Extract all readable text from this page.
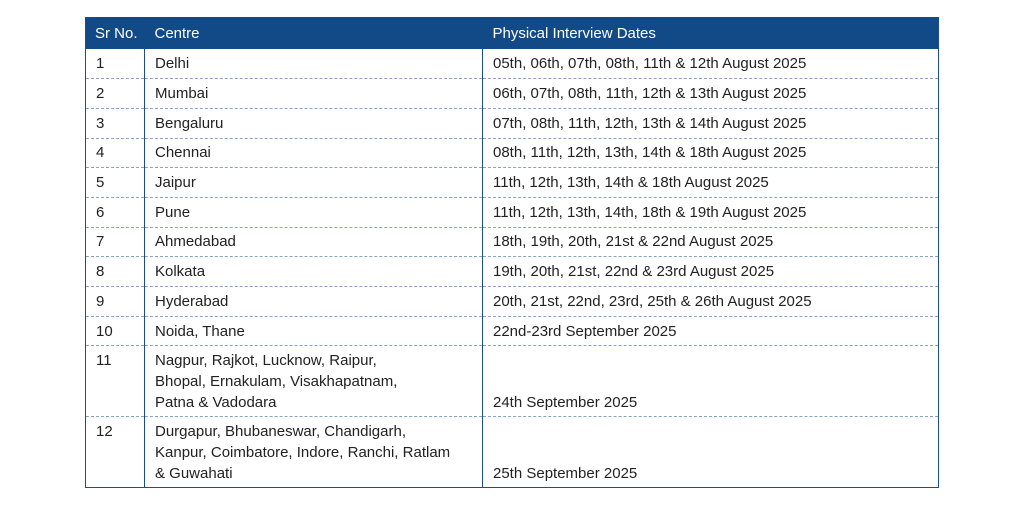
Sr No.	Centre	Physical Interview Dates
1	Delhi	05th, 06th, 07th, 08th, 11th & 12th August 2025
2	Mumbai	06th, 07th, 08th, 11th, 12th & 13th August 2025
3	Bengaluru	07th, 08th, 11th, 12th, 13th & 14th August 2025
4	Chennai	08th, 11th, 12th, 13th, 14th & 18th August 2025
5	Jaipur	11th, 12th, 13th, 14th & 18th August 2025
6	Pune	11th, 12th, 13th, 14th, 18th & 19th August 2025
7	Ahmedabad	18th, 19th, 20th, 21st & 22nd August 2025
8	Kolkata	19th, 20th, 21st, 22nd & 23rd August 2025
9	Hyderabad	20th, 21st, 22nd, 23rd, 25th & 26th August 2025
10	Noida, Thane	22nd-23rd September 2025
11	Nagpur, Rajkot, Lucknow, Raipur,
Bhopal, Ernakulam, Visakhapatnam,
Patna & Vadodara	24th September 2025
12	Durgapur, Bhubaneswar, Chandigarh,
Kanpur, Coimbatore, Indore, Ranchi, Ratlam
& Guwahati	25th September 2025
